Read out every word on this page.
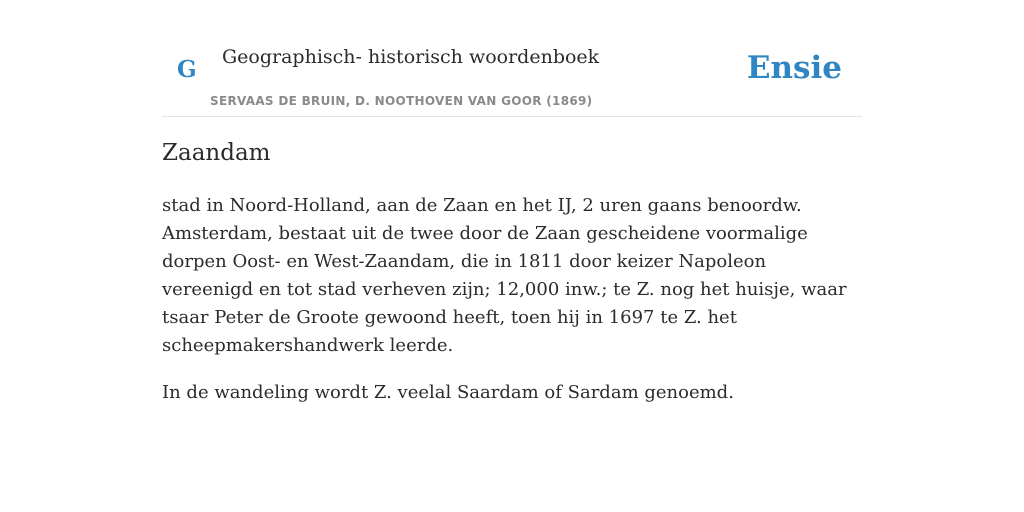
G Geographisch- historisch woordenboek
SERVAAS DE BRUIN, D. NOOTHOVEN VAN GOOR (1869)
Ensie
Zaandam

stad in Noord-Holland, aan de Zaan en het IJ, 2 uren gaans benoordw. Amsterdam, bestaat uit de twee door de Zaan gescheidene voormalige dorpen Oost- en West-Zaandam, die in 1811 door keizer Napoleon vereenigd en tot stad verheven zijn; 12,000 inw.; te Z. nog het huisje, waar tsaar Peter de Groote gewoond heeft, toen hij in 1697 te Z. het scheepmakershandwerk leerde.

In de wandeling wordt Z. veelal Saardam of Sardam genoemd.
